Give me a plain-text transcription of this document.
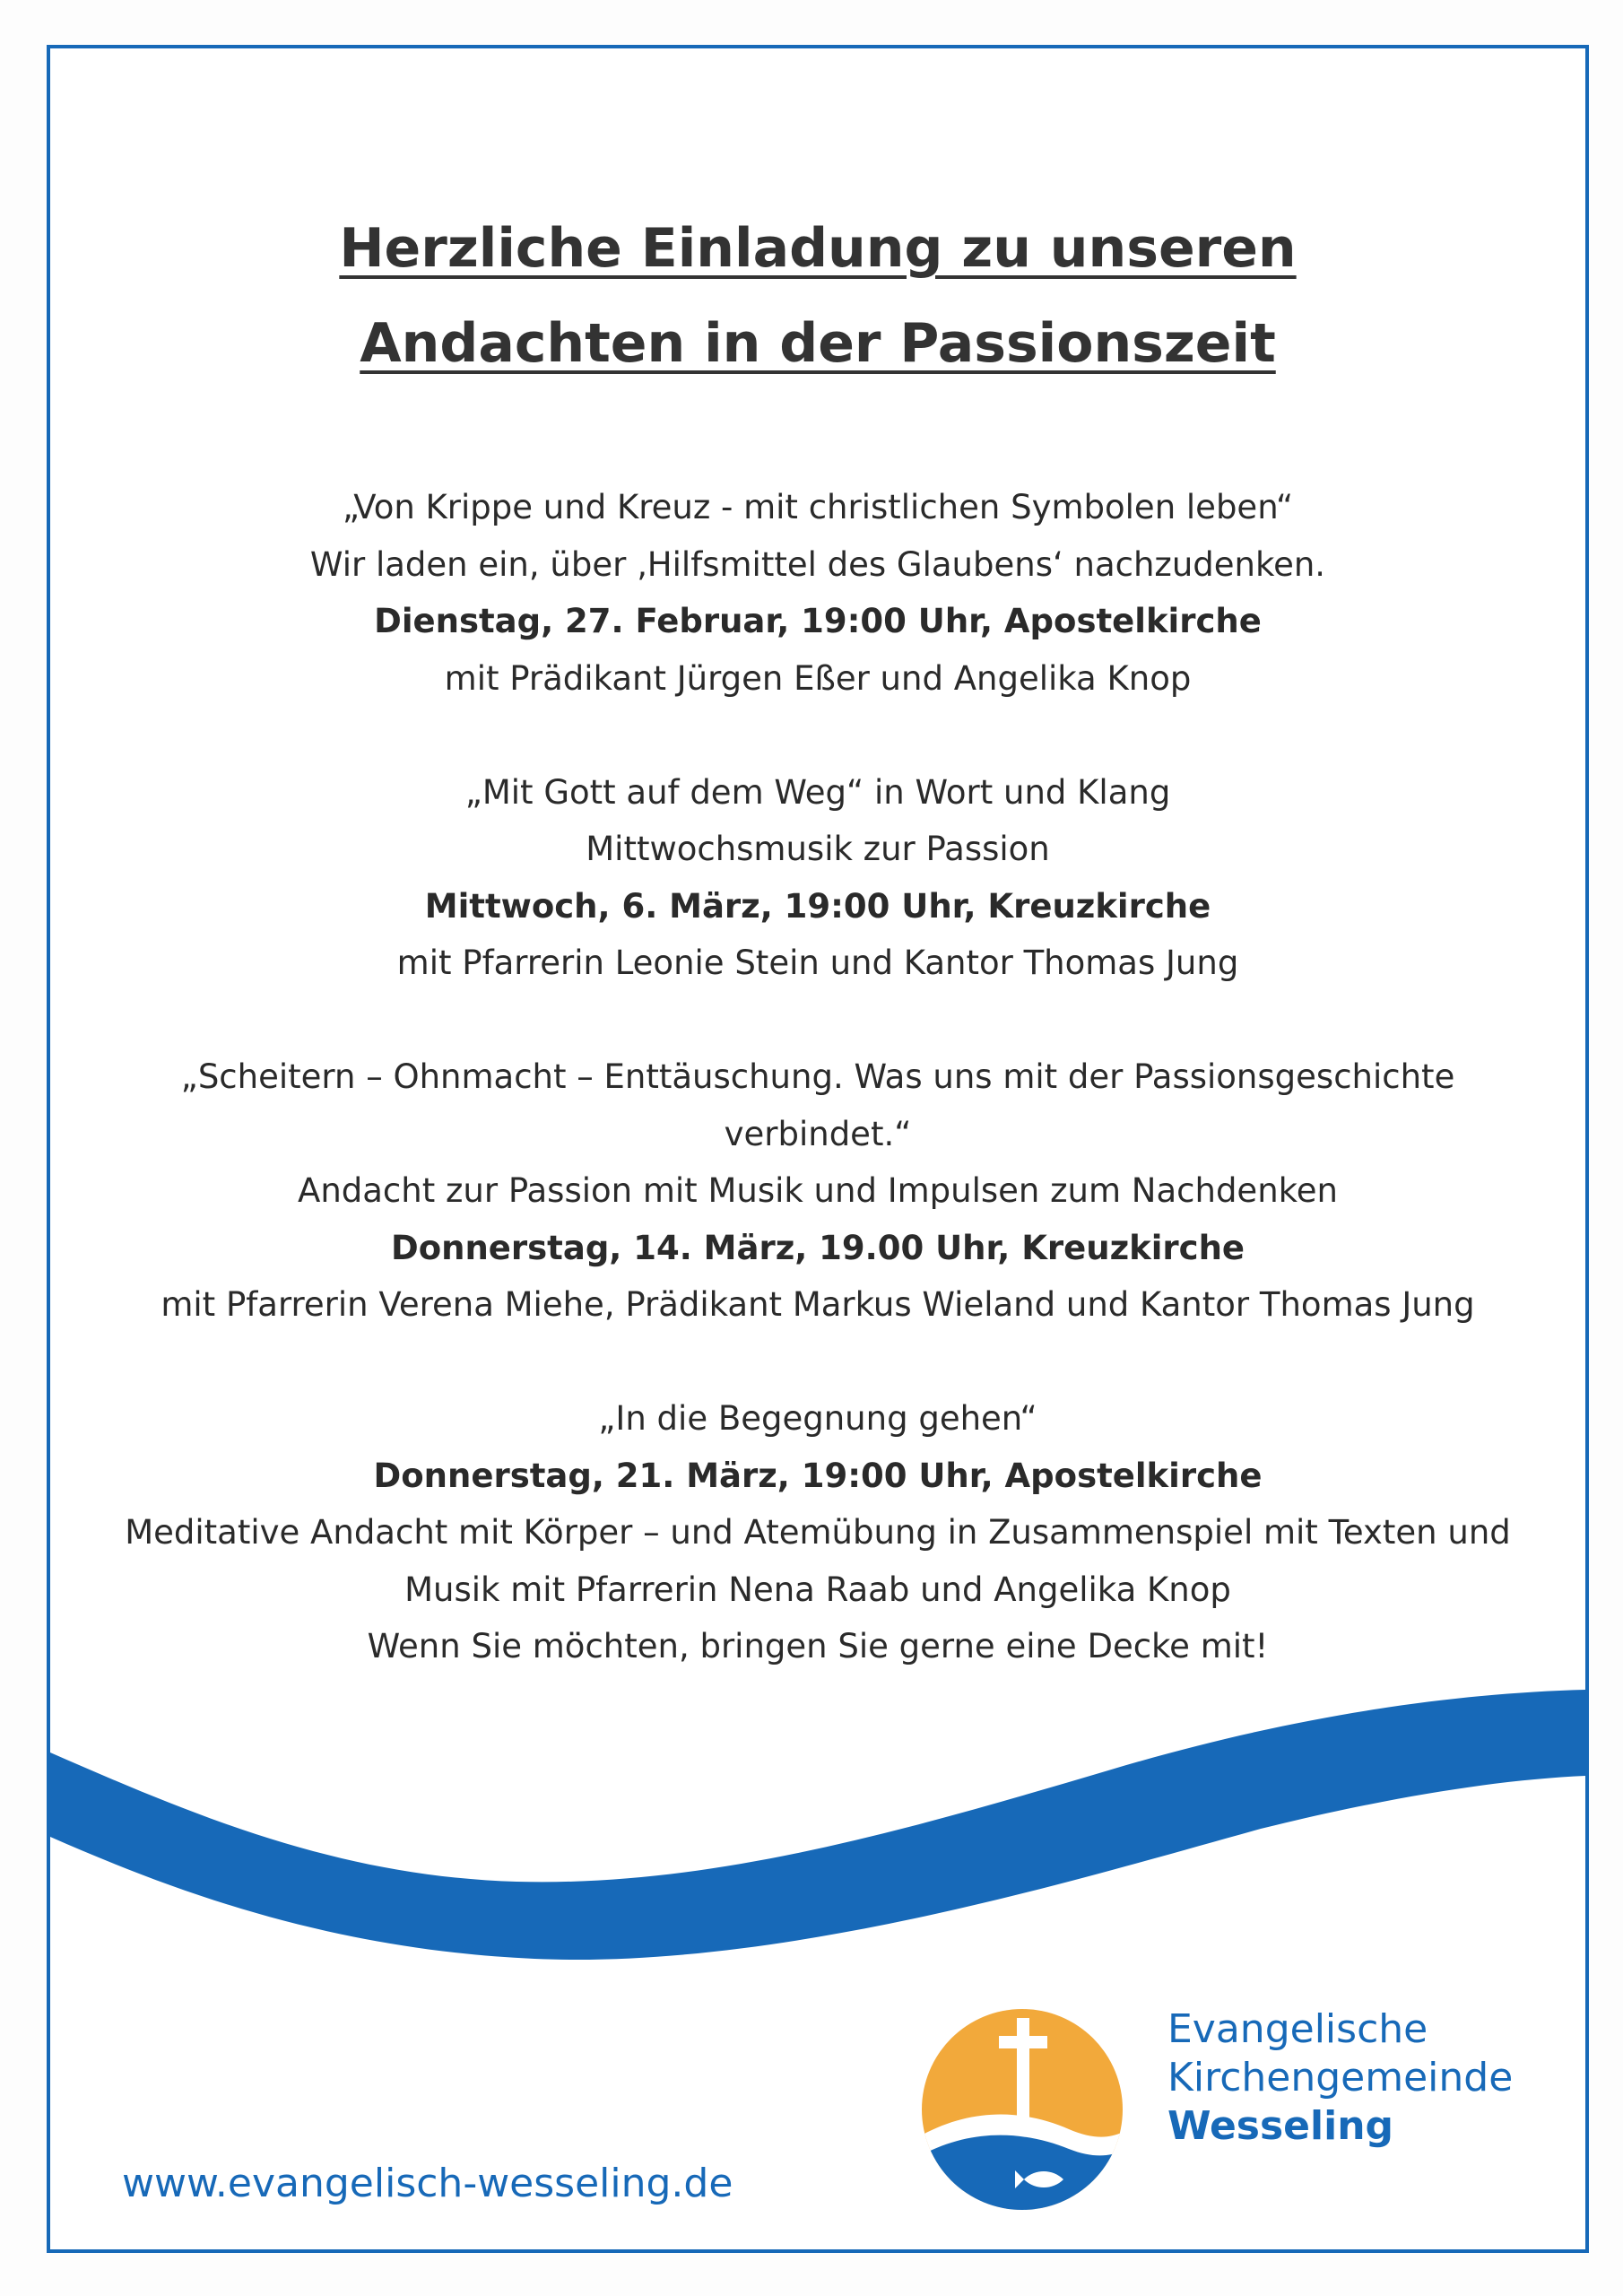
Herzliche Einladung zu unseren
Andachten in der Passionszeit
„Von Krippe und Kreuz - mit christlichen Symbolen leben“
Wir laden ein, über ‚Hilfsmittel des Glaubens‘ nachzudenken.
Dienstag, 27. Februar, 19:00 Uhr, Apostelkirche
mit Prädikant Jürgen Eßer und Angelika Knop
„Mit Gott auf dem Weg“ in Wort und Klang
Mittwochsmusik zur Passion
Mittwoch, 6. März, 19:00 Uhr, Kreuzkirche
mit Pfarrerin Leonie Stein und Kantor Thomas Jung
„Scheitern – Ohnmacht – Enttäuschung. Was uns mit der Passionsgeschichte
verbindet.“
Andacht zur Passion mit Musik und Impulsen zum Nachdenken
Donnerstag, 14. März, 19.00 Uhr, Kreuzkirche
mit Pfarrerin Verena Miehe, Prädikant Markus Wieland und Kantor Thomas Jung
„In die Begegnung gehen“
Donnerstag, 21. März, 19:00 Uhr, Apostelkirche
Meditative Andacht mit Körper – und Atemübung in Zusammenspiel mit Texten und
Musik mit Pfarrerin Nena Raab und Angelika Knop
Wenn Sie möchten, bringen Sie gerne eine Decke mit!
Evangelische
Kirchengemeinde
Wesseling
www.evangelisch-wesseling.de
